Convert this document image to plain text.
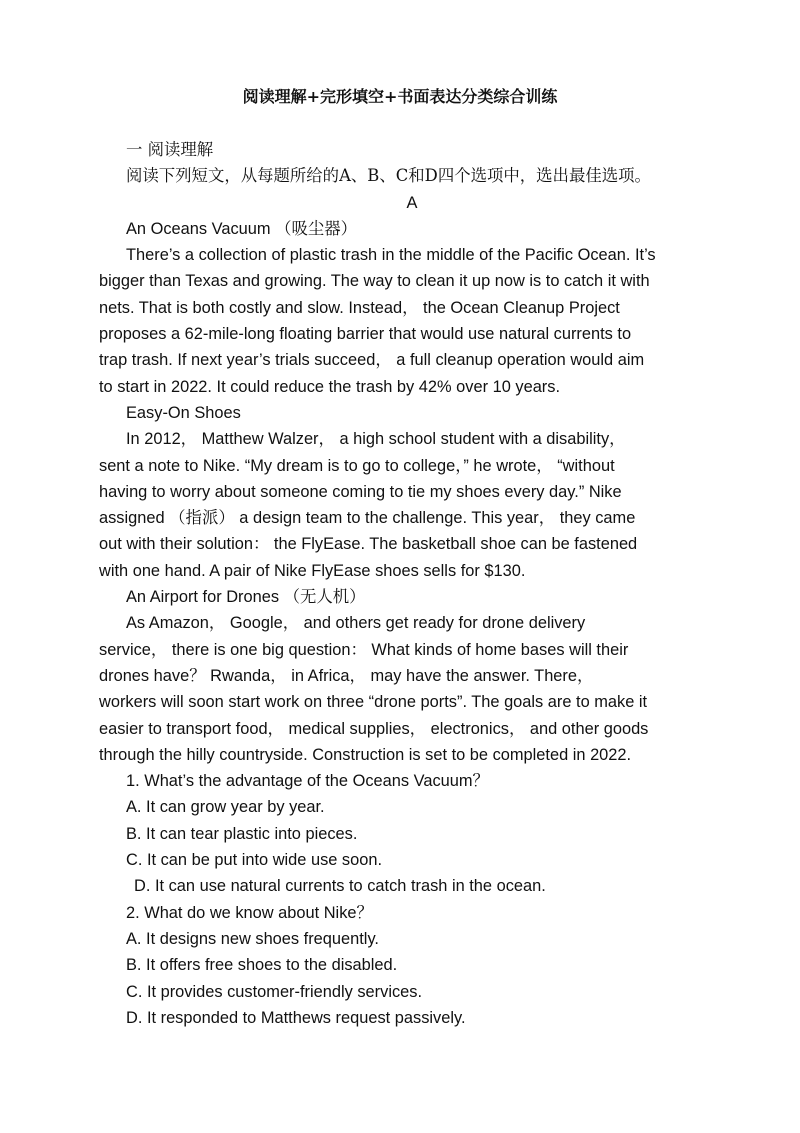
阅读理解+完形填空+书面表达分类综合训练
一 阅读理解
阅读下列短文，从每题所给的A、B、C和D四个选项中，选出最佳选项。
A
An Oceans Vacuum （吸尘器）
There’s a collection of plastic trash in the middle of the Pacific Ocean. It’s
bigger than Texas and growing. The way to clean it up now is to catch it with
nets. That is both costly and slow. Instead， the Ocean Cleanup Project
proposes a 62-mile-long floating barrier that would use natural currents to
trap trash. If next year’s trials succeed， a full cleanup operation would aim
to start in 2022. It could reduce the trash by 42% over 10 years.
Easy-On Shoes
In 2012， Matthew Walzer， a high school student with a disability，
sent a note to Nike. “My dream is to go to college，” he wrote， “without
having to worry about someone coming to tie my shoes every day.” Nike
assigned （指派） a design team to the challenge. This year， they came
out with their solution： the FlyEase. The basketball shoe can be fastened
with one hand. A pair of Nike FlyEase shoes sells for $130.
An Airport for Drones （无人机）
As Amazon， Google， and others get ready for drone delivery
service， there is one big question： What kinds of home bases will their
drones have？ Rwanda， in Africa， may have the answer. There，
workers will soon start work on three “drone ports”. The goals are to make it
easier to transport food， medical supplies， electronics， and other goods
through the hilly countryside. Construction is set to be completed in 2022.
1. What’s the advantage of the Oceans Vacuum？
A. It can grow year by year.
B. It can tear plastic into pieces.
C. It can be put into wide use soon.
D. It can use natural currents to catch trash in the ocean.
2. What do we know about Nike？
A. It designs new shoes frequently.
B. It offers free shoes to the disabled.
C. It provides customer-friendly services.
D. It responded to Matthews request passively.
